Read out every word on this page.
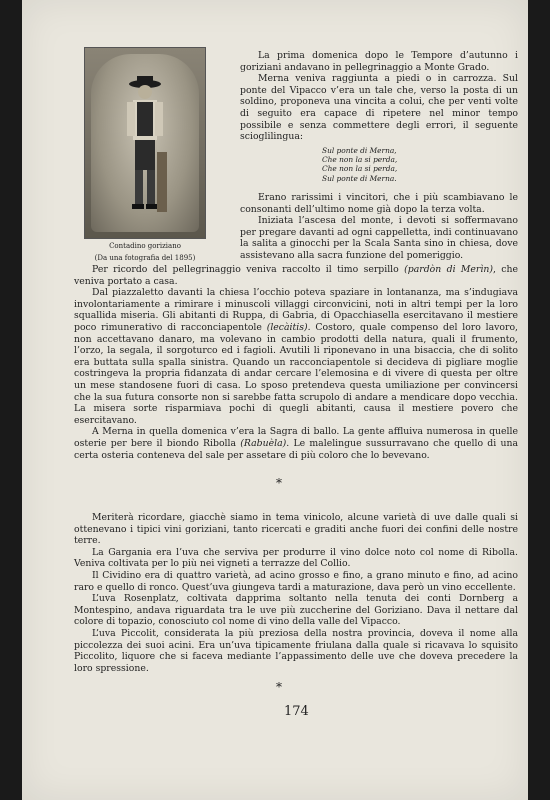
Contadino goriziano
(Da una fotografia del 1895)

La prima domenica dopo le Tempore d’autunno i goriziani andavano in pellegrinaggio a Monte Grado.

Merna veniva raggiunta a piedi o in carrozza. Sul ponte del Vipacco v’era un tale che, verso la posta di un soldino, proponeva una vincita a colui, che per venti volte di seguito era capace di ripetere nel minor tempo possibile e senza commettere degli errori, il seguente scioglilingua:

Sul ponte di Merna,
Che non la si perda,
Che non la si perda,
Sul ponte di Merna.

Erano rarissimi i vincitori, che i più scambiavano le consonanti dell’ultimo nome già dopo la terza volta.

Iniziata l’ascesa del monte, i devoti si soffermavano per pregare davanti ad ogni cappelletta, indi continuavano la salita a ginocchi per la Scala Santa sino in chiesa, dove assistevano alla sacra funzione del pomeriggio.

Per ricordo del pellegrinaggio veniva raccolto il timo serpillo (pardòn di Merìn), che veniva portato a casa.

Dal piazzaletto davanti la chiesa l’occhio poteva spaziare in lontananza, ma s’indugiava involontariamente a rimirare i minuscoli villaggi circonvicini, noti in altri tempi per la loro squallida miseria. Gli abitanti di Ruppa, di Gabria, di Opacchiasella esercitavano il mestiere poco rimunerativo di racconciapentole (lecàitis). Costoro, quale compenso del loro lavoro, non accettavano danaro, ma volevano in cambio prodotti della natura, quali il frumento, l’orzo, la segala, il sorgoturco ed i fagioli. Avutili li riponevano in una bisaccia, che di solito era buttata sulla spalla sinistra. Quando un racconciapentole si decideva di pigliare moglie costringeva la propria fidanzata di andar cercare l’elemosina e di vivere di questa per oltre un mese standosene fuori di casa. Lo sposo pretendeva questa umiliazione per convincersi che la sua futura consorte non si sarebbe fatta scrupolo di andare a mendicare dopo vecchia. La misera sorte risparmiava pochi di quegli abitanti, causa il mestiere povero che esercitavano.

A Merna in quella domenica v’era la Sagra di ballo. La gente affluiva numerosa in quelle osterie per bere il biondo Ribolla (Rabuèla). Le malelingue sussurravano che quello di una certa osteria conteneva del sale per assetare di più coloro che lo bevevano.

*

Meriterà ricordare, giacchè siamo in tema vinicolo, alcune varietà di uve dalle quali si ottenevano i tipici vini goriziani, tanto ricercati e graditi anche fuori dei confini delle nostre terre.

La Gargania era l’uva che serviva per produrre il vino dolce noto col nome di Ribolla. Veniva coltivata per lo più nei vigneti a terrazze del Collio.

Il Cividino era di quattro varietà, ad acino grosso e fino, a grano minuto e fino, ad acino raro e quello di ronco. Quest’uva giungeva tardi a maturazione, dava però un vino eccellente.

L’uva Rosenplatz, coltivata dapprima soltanto nella tenuta dei conti Dornberg a Montespino, andava riguardata tra le uve più zuccherine del Goriziano. Dava il nettare dal colore di topazio, conosciuto col nome di vino della valle del Vipacco.

L’uva Piccolit, considerata la più preziosa della nostra provincia, doveva il nome alla piccolezza dei suoi acini. Era un’uva tipicamente friulana dalla quale si ricavava lo squisito Piccolito, liquore che si faceva mediante l’appassimento delle uve che doveva precedere la loro spressione.

*
174
